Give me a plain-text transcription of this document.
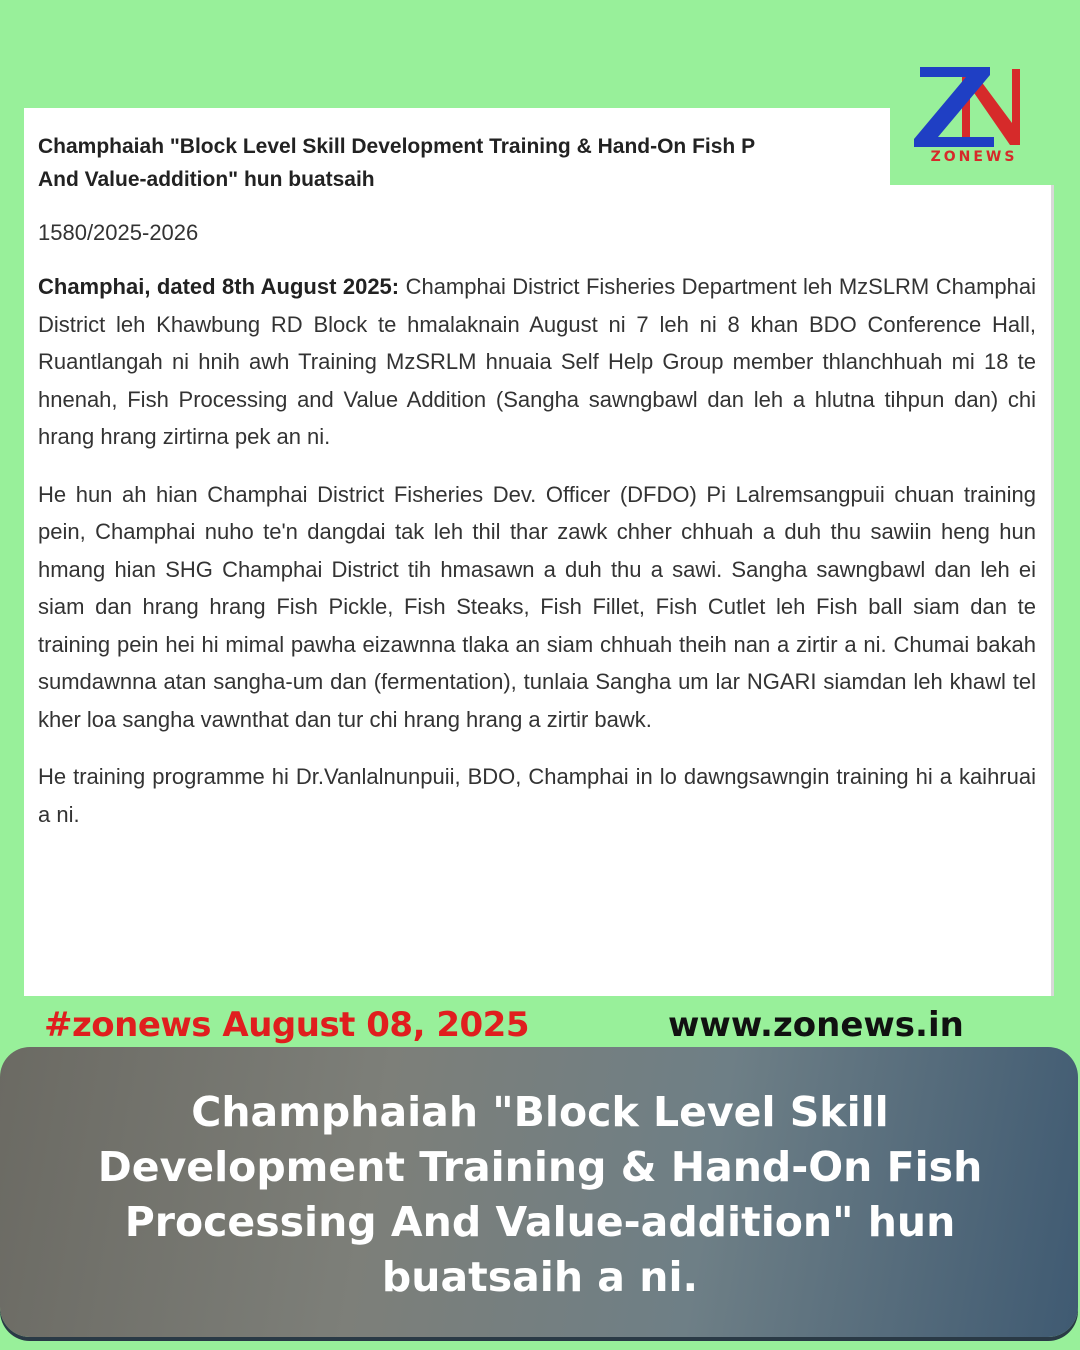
Champhaiah "Block Level Skill Development Training & Hand-On Fish P

And Value-addition" hun buatsaih

1580/2025-2026

Champhai, dated 8th August 2025: Champhai District Fisheries Department leh MzSLRM Champhai District leh Khawbung RD Block te hmalaknain August ni 7 leh ni 8 khan BDO Conference Hall, Ruantlangah ni hnih awh Training MzSRLM hnuaia Self Help Group member thlanchhuah mi 18 te hnenah, Fish Processing and Value Addition (Sangha sawngbawl dan leh a hlutna tihpun dan) chi hrang hrang zirtirna pek an ni.

He hun ah hian Champhai District Fisheries Dev. Officer (DFDO) Pi Lalremsangpuii chuan training pein, Champhai nuho te'n dangdai tak leh thil thar zawk chher chhuah a duh thu sawiin heng hun hmang hian SHG Champhai District tih hmasawn a duh thu a sawi. Sangha sawngbawl dan leh ei siam dan hrang hrang Fish Pickle, Fish Steaks, Fish Fillet, Fish Cutlet leh Fish ball siam dan te training pein hei hi mimal pawha eizawnna tlaka an siam chhuah theih nan a zirtir a ni. Chumai bakah sumdawnna atan sangha-um dan (fermentation), tunlaia Sangha um lar NGARI siamdan leh khawl tel kher loa sangha vawnthat dan tur chi hrang hrang a zirtir bawk.

He training programme hi Dr.Vanlalnunpuii, BDO, Champhai in lo dawngsawngin training hi a kaihruai a ni.

ZONEWS
#zonews August 08, 2025	www.zonews.in

Champhaiah "Block Level Skill Development Training & Hand-On Fish Processing And Value-addition" hun buatsaih a ni.
